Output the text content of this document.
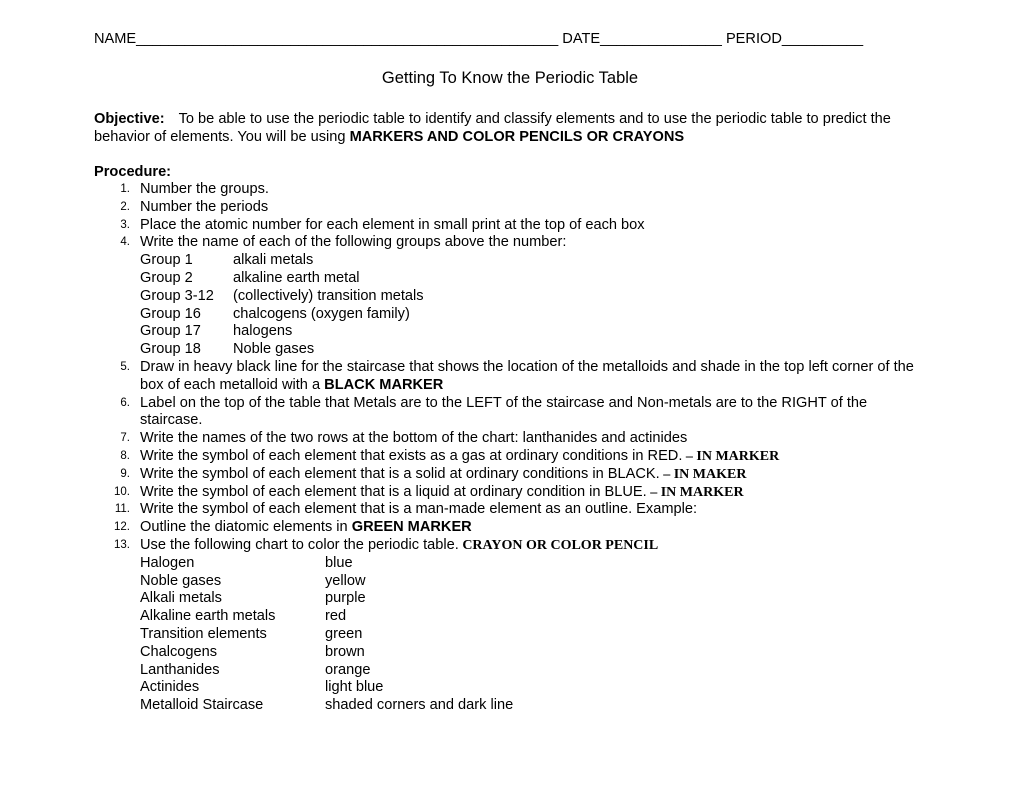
NAME____________________________________________________ DATE_______________ PERIOD__________
Getting To Know the Periodic Table
Objective: To be able to use the periodic table to identify and classify elements and to use the periodic table to predict the behavior of elements. You will be using MARKERS AND COLOR PENCILS OR CRAYONS
Procedure:
1. Number the groups.
2. Number the periods
3. Place the atomic number for each element in small print at the top of each box
4. Write the name of each of the following groups above the number:
Group 1	alkali metals
Group 2	alkaline earth metal
Group 3-12	(collectively) transition metals
Group 16	chalcogens (oxygen family)
Group 17	halogens
Group 18	Noble gases
5. Draw in heavy black line for the staircase that shows the location of the metalloids and shade in the top left corner of the box of each metalloid with a BLACK MARKER
6. Label on the top of the table that Metals are to the LEFT of the staircase and Non-metals are to the RIGHT of the staircase.
7. Write the names of the two rows at the bottom of the chart: lanthanides and actinides
8. Write the symbol of each element that exists as a gas at ordinary conditions in RED. – IN MARKER
9. Write the symbol of each element that is a solid at ordinary conditions in BLACK. – IN MAKER
10. Write the symbol of each element that is a liquid at ordinary condition in BLUE. – IN MARKER
11. Write the symbol of each element that is a man-made element as an outline. Example:
12. Outline the diatomic elements in GREEN MARKER
13. Use the following chart to color the periodic table. CRAYON OR COLOR PENCIL
Halogen	blue
Noble gases	yellow
Alkali metals	purple
Alkaline earth metals	red
Transition elements	green
Chalcogens	brown
Lanthanides	orange
Actinides	light blue
Metalloid Staircase	shaded corners and dark line
